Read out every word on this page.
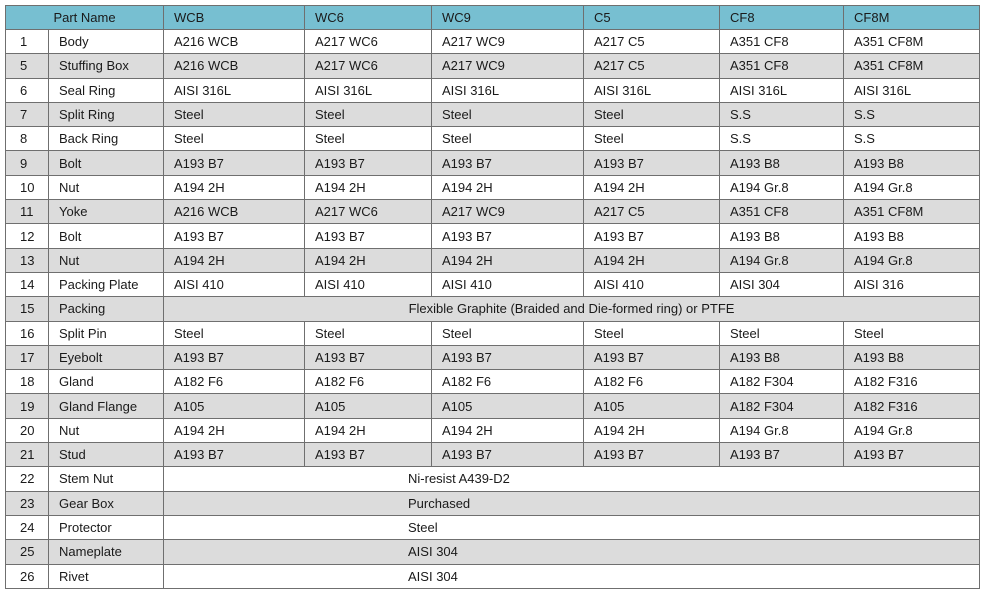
Part Name		WCB	WC6	WC9	C5	CF8	CF8M
1	Body	A216 WCB	A217 WC6	A217 WC9	A217 C5	A351 CF8	A351 CF8M
5	Stuffing Box	A216 WCB	A217 WC6	A217 WC9	A217 C5	A351 CF8	A351 CF8M
6	Seal Ring	AISI 316L	AISI 316L	AISI 316L	AISI 316L	AISI 316L	AISI 316L
7	Split Ring	Steel	Steel	Steel	Steel	S.S	S.S
8	Back Ring	Steel	Steel	Steel	Steel	S.S	S.S
9	Bolt	A193 B7	A193 B7	A193 B7	A193 B7	A193 B8	A193 B8
10	Nut	A194 2H	A194 2H	A194 2H	A194 2H	A194 Gr.8	A194 Gr.8
11	Yoke	A216 WCB	A217 WC6	A217 WC9	A217 C5	A351 CF8	A351 CF8M
12	Bolt	A193 B7	A193 B7	A193 B7	A193 B7	A193 B8	A193 B8
13	Nut	A194 2H	A194 2H	A194 2H	A194 2H	A194 Gr.8	A194 Gr.8
14	Packing Plate	AISI 410	AISI 410	AISI 410	AISI 410	AISI 304	AISI 316
15	Packing	Flexible Graphite (Braided and Die-formed ring) or PTFE					
16	Split Pin	Steel	Steel	Steel	Steel	Steel	Steel
17	Eyebolt	A193 B7	A193 B7	A193 B7	A193 B7	A193 B8	A193 B8
18	Gland	A182 F6	A182 F6	A182 F6	A182 F6	A182 F304	A182 F316
19	Gland Flange	A105	A105	A105	A105	A182 F304	A182 F316
20	Nut	A194 2H	A194 2H	A194 2H	A194 2H	A194 Gr.8	A194 Gr.8
21	Stud	A193 B7	A193 B7	A193 B7	A193 B7	A193 B7	A193 B7
22	Stem Nut	Ni-resist A439-D2					
23	Gear Box	Purchased					
24	Protector	Steel					
25	Nameplate	AISI 304					
26	Rivet	AISI 304					
